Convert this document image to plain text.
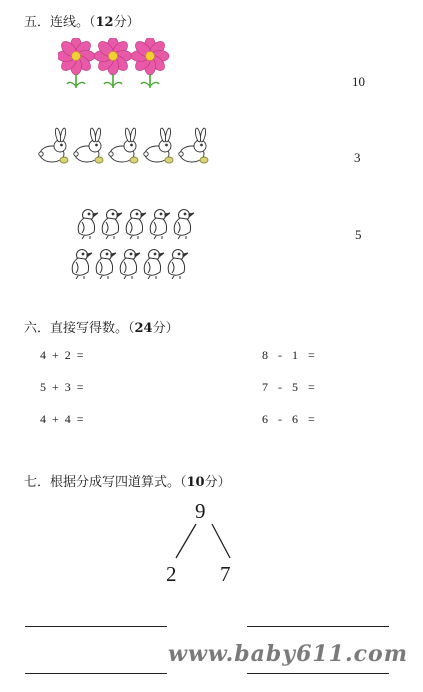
五．连线。（12分）
10
3
5
六．直接写得数。（24分）
4 + 2 =
5 + 3 =
4 + 4 =
8 - 1 =
7 - 5 =
6 - 6 =
七．根据分成写四道算式。（10分）
9
2 7
www.baby611.com
